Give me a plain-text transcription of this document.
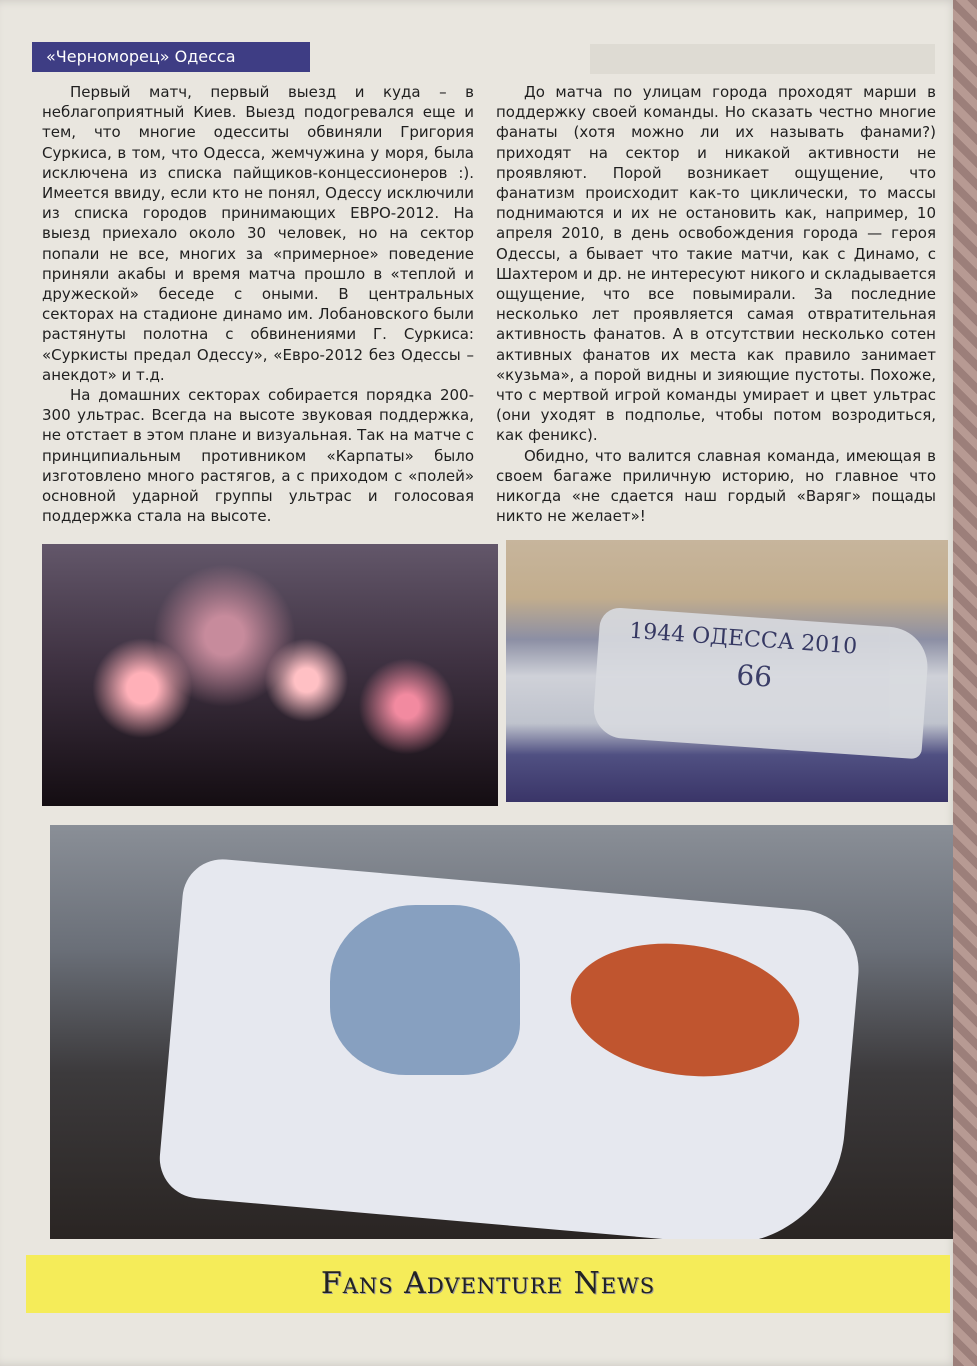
«Черноморец» Одесса

Первый матч, первый выезд и куда – в неблагоприятный Киев. Выезд подогревался еще и тем, что многие одесситы обвиняли Григория Суркиса, в том, что Одесса, жемчужина у моря, была исключена из списка пайщиков-концессионеров :). Имеется ввиду, если кто не понял, Одессу исключили из списка городов принимающих ЕВРО-2012. На выезд приехало около 30 человек, но на сектор попали не все, многих за «примерное» поведение приняли акабы и время матча прошло в «теплой и дружеской» беседе с оными. В центральных секторах на стадионе динамо им. Лобановского были растянуты полотна с обвинениями Г. Суркиса: «Суркисты предал Одессу», «Евро-2012 без Одессы – анекдот» и т.д.

На домашних секторах собирается порядка 200-300 ультрас. Всегда на высоте звуковая поддержка, не отстает в этом плане и визуальная. Так на матче с принципиальным противником «Карпаты» было изготовлено много растягов, а с приходом с «полей» основной ударной группы ультрас и голосовая поддержка стала на высоте.

До матча по улицам города проходят марши в поддержку своей команды. Но сказать честно многие фанаты (хотя можно ли их называть фанами?) приходят на сектор и никакой активности не проявляют. Порой возникает ощущение, что фанатизм происходит как-то циклически, то массы поднимаются и их не остановить как, например, 10 апреля 2010, в день освобождения города — героя Одессы, а бывает что такие матчи, как с Динамо, с Шахтером и др. не интересуют никого и складывается ощущение, что все повымирали. За последние несколько лет проявляется самая отвратительная активность фанатов. А в отсутствии несколько сотен активных фанатов их места как правило занимает «кузьма», а порой видны и зияющие пустоты. Похоже, что с мертвой игрой команды умирает и цвет ультрас (они уходят в подполье, чтобы потом возродиться, как феникс).

Обидно, что валится славная команда, имеющая в своем багаже приличную историю, но главное что никогда «не сдается наш гордый «Варяг» пощады никто не желает»!

1944 ОДЕССА 2010
66
Fans Adventure News
